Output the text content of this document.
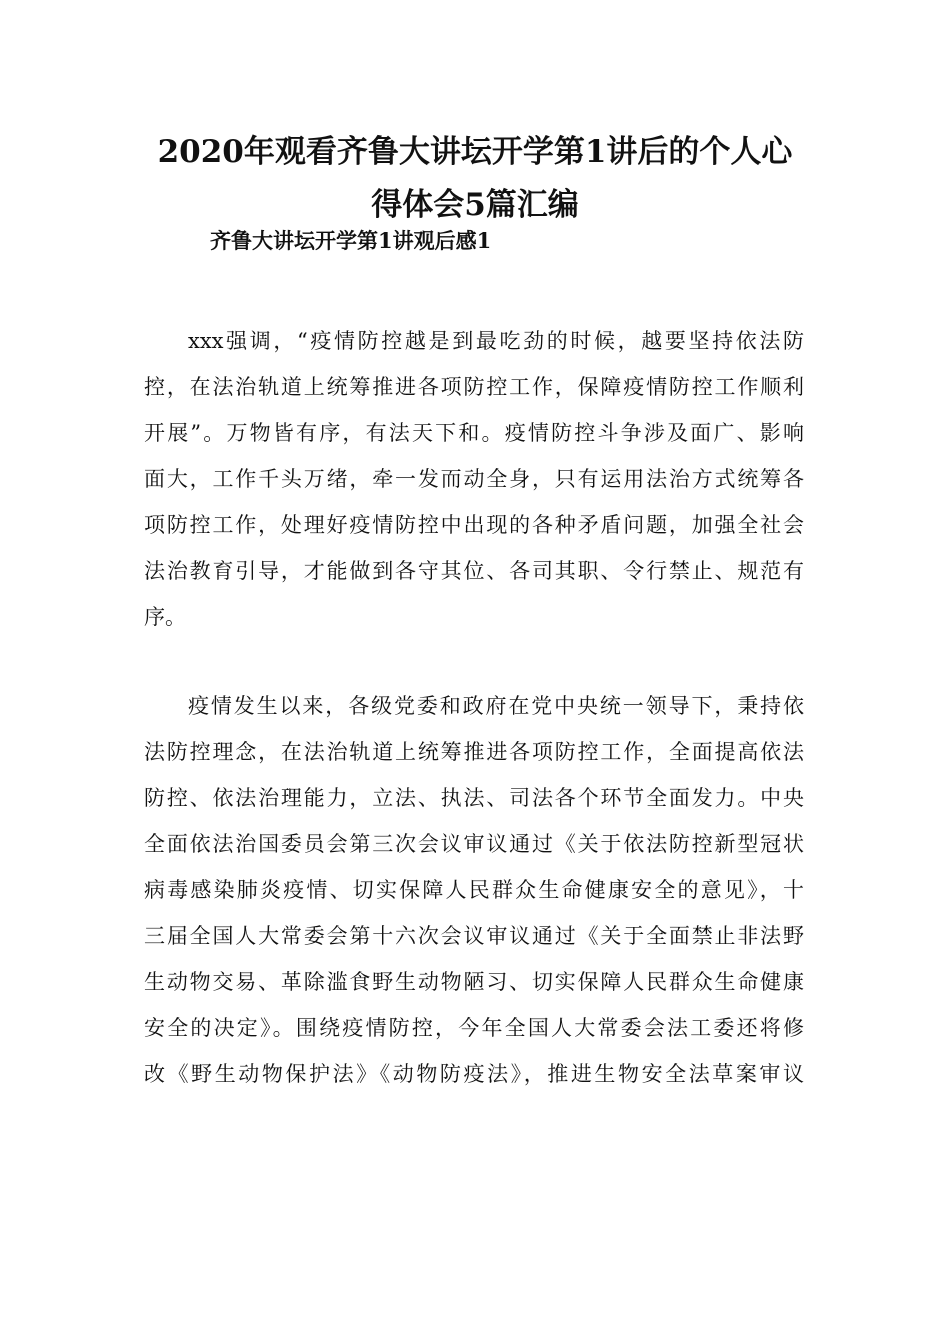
2020年观看齐鲁大讲坛开学第1讲后的个人心
得体会5篇汇编
齐鲁大讲坛开学第1讲观后感1
xxx强调，“疫情防控越是到最吃劲的时候，越要坚持依法防
控，在法治轨道上统筹推进各项防控工作，保障疫情防控工作顺利
开展”。万物皆有序，有法天下和。疫情防控斗争涉及面广、影响
面大，工作千头万绪，牵一发而动全身，只有运用法治方式统筹各
项防控工作，处理好疫情防控中出现的各种矛盾问题，加强全社会
法治教育引导，才能做到各守其位、各司其职、令行禁止、规范有
序。
疫情发生以来，各级党委和政府在党中央统一领导下，秉持依
法防控理念，在法治轨道上统筹推进各项防控工作，全面提高依法
防控、依法治理能力，立法、执法、司法各个环节全面发力。中央
全面依法治国委员会第三次会议审议通过《关于依法防控新型冠状
病毒感染肺炎疫情、切实保障人民群众生命健康安全的意见》，十
三届全国人大常委会第十六次会议审议通过《关于全面禁止非法野
生动物交易、革除滥食野生动物陋习、切实保障人民群众生命健康
安全的决定》。围绕疫情防控，今年全国人大常委会法工委还将修
改《野生动物保护法》《动物防疫法》，推进生物安全法草案审议
